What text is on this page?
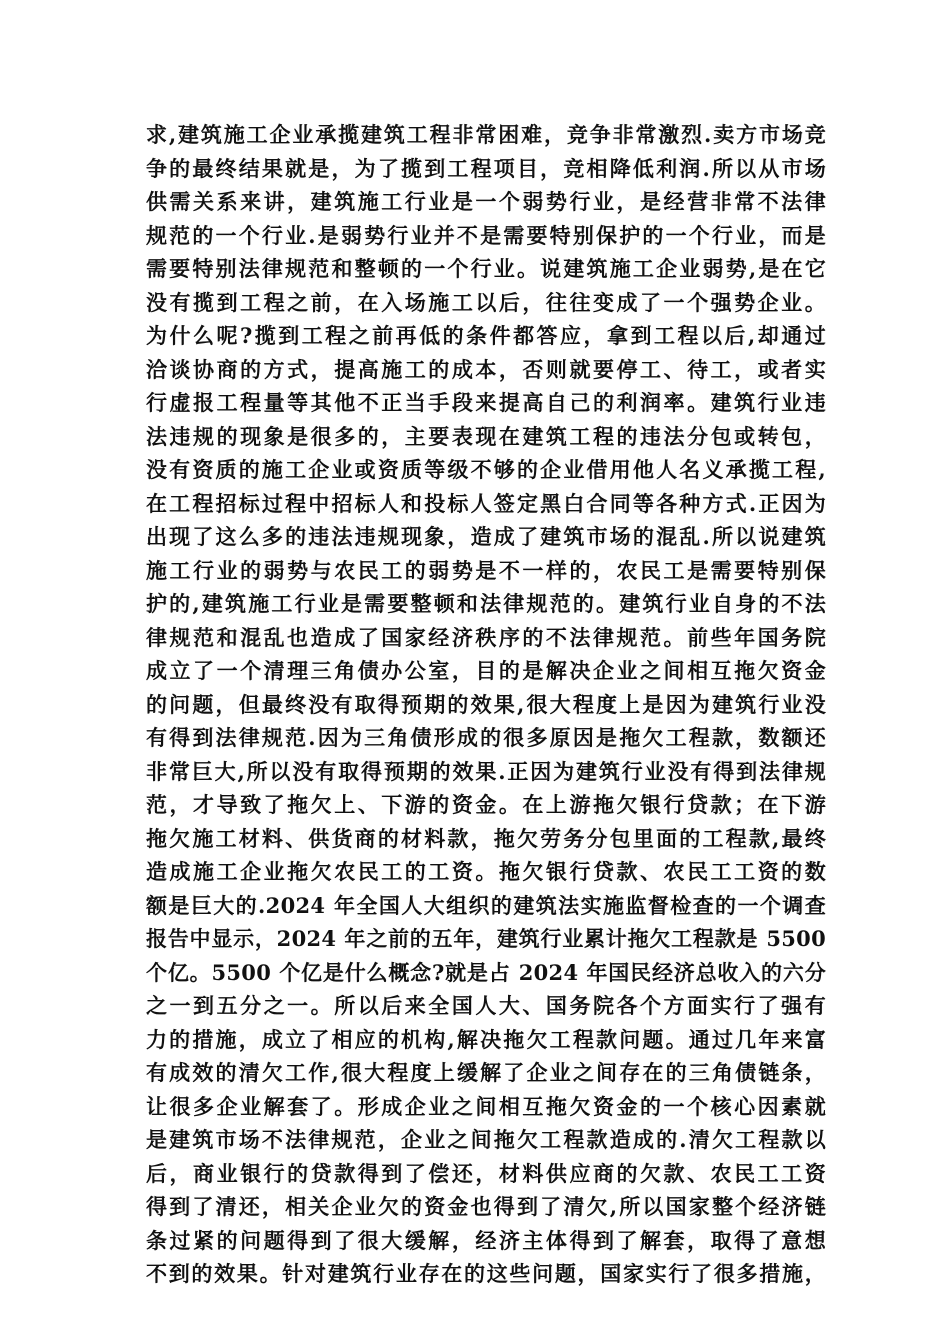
求,建筑施工企业承揽建筑工程非常困难，竞争非常激烈.卖方市场竞
争的最终结果就是，为了揽到工程项目，竞相降低利润.所以从市场
供需关系来讲，建筑施工行业是一个弱势行业，是经营非常不法律
规范的一个行业.是弱势行业并不是需要特别保护的一个行业，而是
需要特别法律规范和整顿的一个行业。说建筑施工企业弱势,是在它
没有揽到工程之前，在入场施工以后，往往变成了一个强势企业。
为什么呢?揽到工程之前再低的条件都答应，拿到工程以后,却通过
洽谈协商的方式，提高施工的成本，否则就要停工、待工，或者实
行虚报工程量等其他不正当手段来提高自己的利润率。建筑行业违
法违规的现象是很多的，主要表现在建筑工程的违法分包或转包，
没有资质的施工企业或资质等级不够的企业借用他人名义承揽工程,
在工程招标过程中招标人和投标人签定黑白合同等各种方式.正因为
出现了这么多的违法违规现象，造成了建筑市场的混乱.所以说建筑
施工行业的弱势与农民工的弱势是不一样的，农民工是需要特别保
护的,建筑施工行业是需要整顿和法律规范的。建筑行业自身的不法
律规范和混乱也造成了国家经济秩序的不法律规范。前些年国务院
成立了一个清理三角债办公室，目的是解决企业之间相互拖欠资金
的问题，但最终没有取得预期的效果,很大程度上是因为建筑行业没
有得到法律规范.因为三角债形成的很多原因是拖欠工程款，数额还
非常巨大,所以没有取得预期的效果.正因为建筑行业没有得到法律规
范，才导致了拖欠上、下游的资金。在上游拖欠银行贷款；在下游
拖欠施工材料、供货商的材料款，拖欠劳务分包里面的工程款,最终
造成施工企业拖欠农民工的工资。拖欠银行贷款、农民工工资的数
额是巨大的.2024 年全国人大组织的建筑法实施监督检查的一个调查
报告中显示，2024 年之前的五年，建筑行业累计拖欠工程款是 5500
个亿。5500 个亿是什么概念?就是占 2024 年国民经济总收入的六分
之一到五分之一。所以后来全国人大、国务院各个方面实行了强有
力的措施，成立了相应的机构,解决拖欠工程款问题。通过几年来富
有成效的清欠工作,很大程度上缓解了企业之间存在的三角债链条，
让很多企业解套了。形成企业之间相互拖欠资金的一个核心因素就
是建筑市场不法律规范，企业之间拖欠工程款造成的.清欠工程款以
后，商业银行的贷款得到了偿还，材料供应商的欠款、农民工工资
得到了清还，相关企业欠的资金也得到了清欠,所以国家整个经济链
条过紧的问题得到了很大缓解，经济主体得到了解套，取得了意想
不到的效果。针对建筑行业存在的这些问题，国家实行了很多措施，
